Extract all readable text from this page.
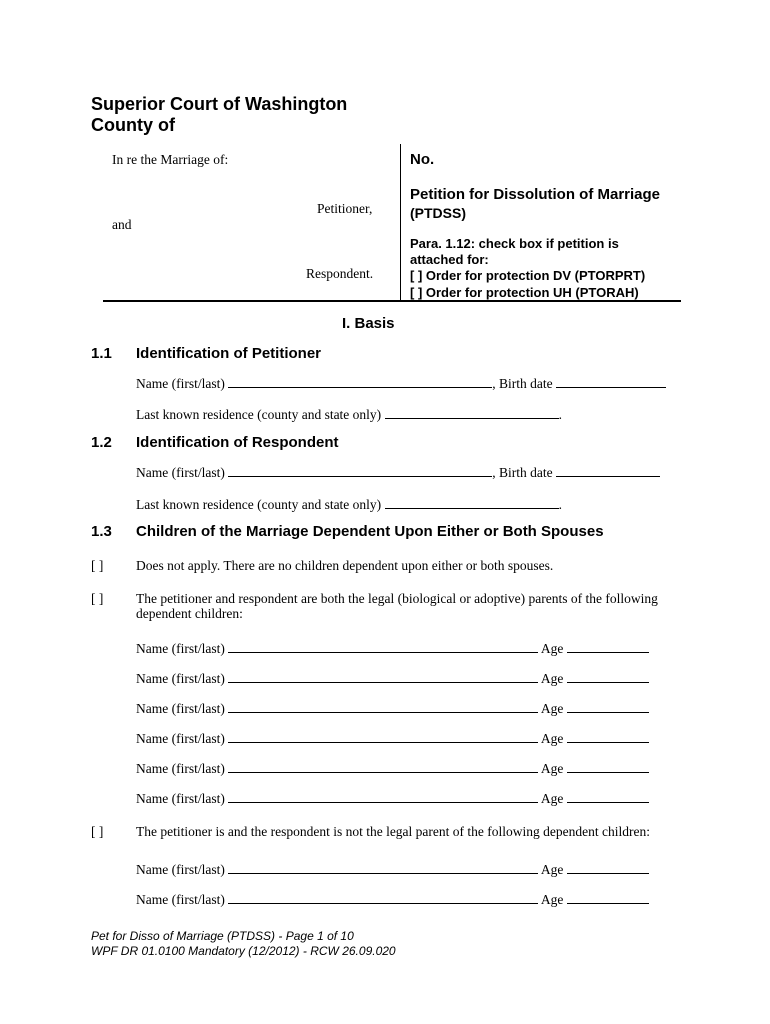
Superior Court of Washington
County of
In re the Marriage of:
Petitioner,
and
Respondent.
No.
Petition for Dissolution of Marriage
(PTDSS)
Para. 1.12: check box if petition is
attached for:
[ ] Order for protection DV (PTORPRT)
[ ] Order for protection UH (PTORAH)
I. Basis
1.1 Identification of Petitioner
Name (first/last)	, Birth date
Last known residence (county and state only)	.
1.2 Identification of Respondent
Name (first/last)	, Birth date
Last known residence (county and state only)	.
1.3 Children of the Marriage Dependent Upon Either or Both Spouses
[ ] Does not apply. There are no children dependent upon either or both spouses.
[ ] The petitioner and respondent are both the legal (biological or adoptive) parents of the following
dependent children:
Name (first/last)	Age
Name (first/last)	Age
Name (first/last)	Age
Name (first/last)	Age
Name (first/last)	Age
Name (first/last)	Age
[ ] The petitioner is and the respondent is not the legal parent of the following dependent children:
Name (first/last)	Age
Name (first/last)	Age
Pet for Disso of Marriage (PTDSS) - Page 1 of 10
WPF DR 01.0100 Mandatory (12/2012) - RCW 26.09.020
